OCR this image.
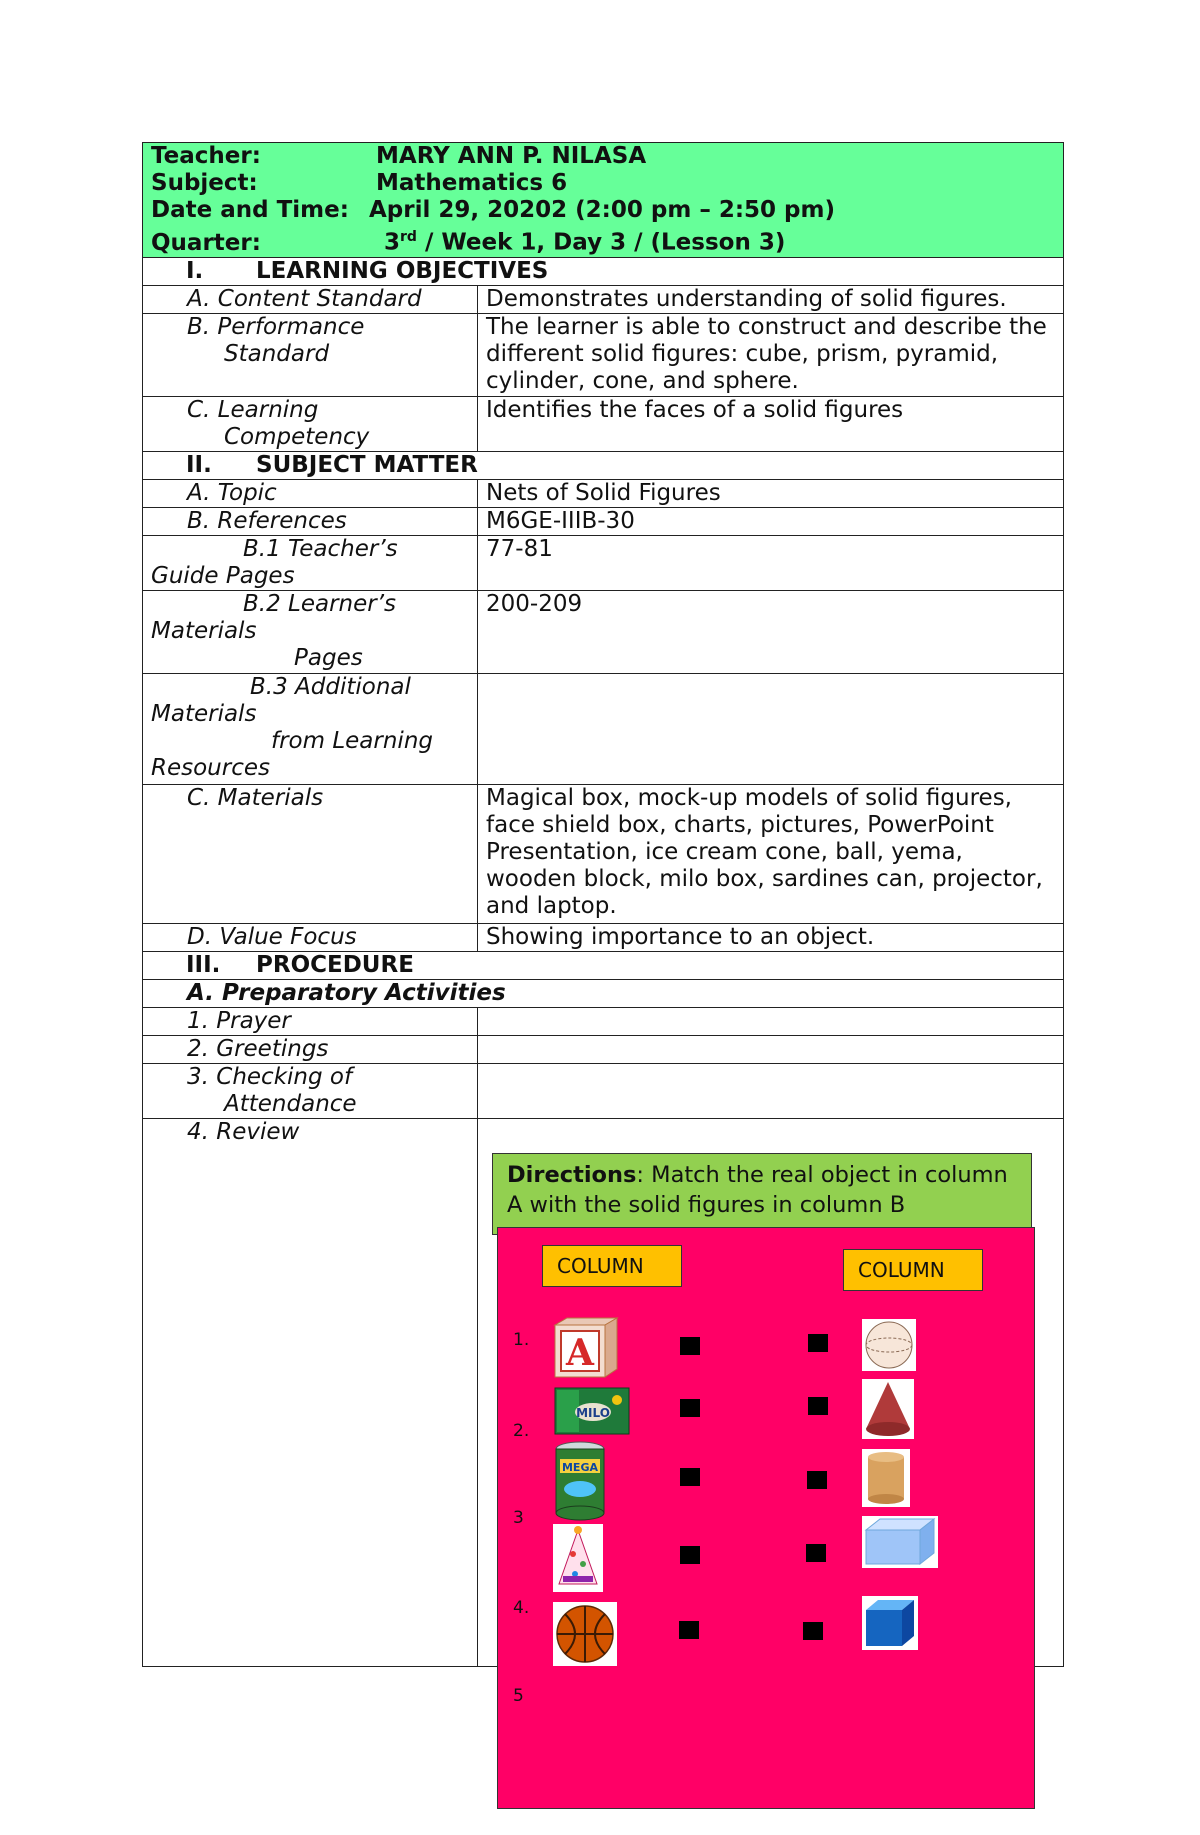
Teacher: MARY ANN P. NILASA
Subject: Mathematics 6
Date and Time: April 29, 20202 (2:00 pm – 2:50 pm)
Quarter: 3rd / Week 1, Day 3 / (Lesson 3)	

I. LEARNING OBJECTIVES	

A. Content Standard	Demonstrates understanding of solid figures.

B. Performance
Standard	The learner is able to construct and describe the different solid figures: cube, prism, pyramid, cylinder, cone, and sphere.

C. Learning
Competency	Identifies the faces of a solid figures
II. SUBJECT MATTER	

A. Topic	Nets of Solid Figures

B. References	M6GE-IIIB-30

B.1 Teacher’s
Guide Pages	77-81

B.2 Learner’s
Materials
Pages	200-209

B.3 Additional
Materials
from Learning
Resources	

C. Materials	Magical box, mock-up models of solid figures, face shield box, charts, pictures, PowerPoint Presentation, ice cream cone, ball, yema, wooden block, milo box, sardines can, projector, and laptop.

D. Value Focus	Showing importance to an object.
III. PROCEDURE	

A. Preparatory Activities	

1. Prayer	

2. Greetings	

3. Checking of
Attendance	

4. Review	

Directions: Match the real object in column A with the solid figures in column B
COLUMN	COLUMN
1.
2.
3
4.
5
A
MILO
MEGA
